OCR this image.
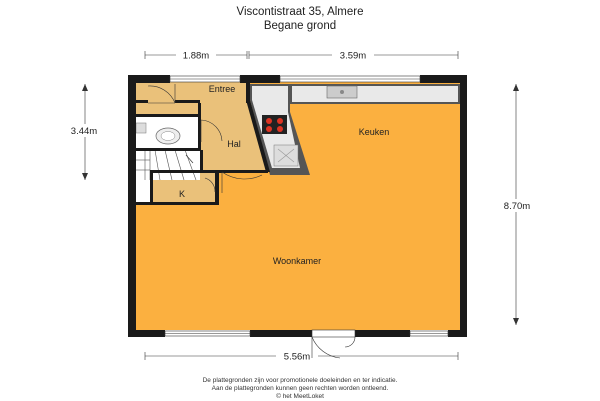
Viscontistraat 35, Almere
Begane grond
1.88m	3.59m
3.44m
8.70m
5.56m
Entree
Hal
Keuken
K
Woonkamer
De plattegronden zijn voor promotionele doeleinden en ter indicatie.
Aan de plattegronden kunnen geen rechten worden ontleend.
© het MeetLoket
